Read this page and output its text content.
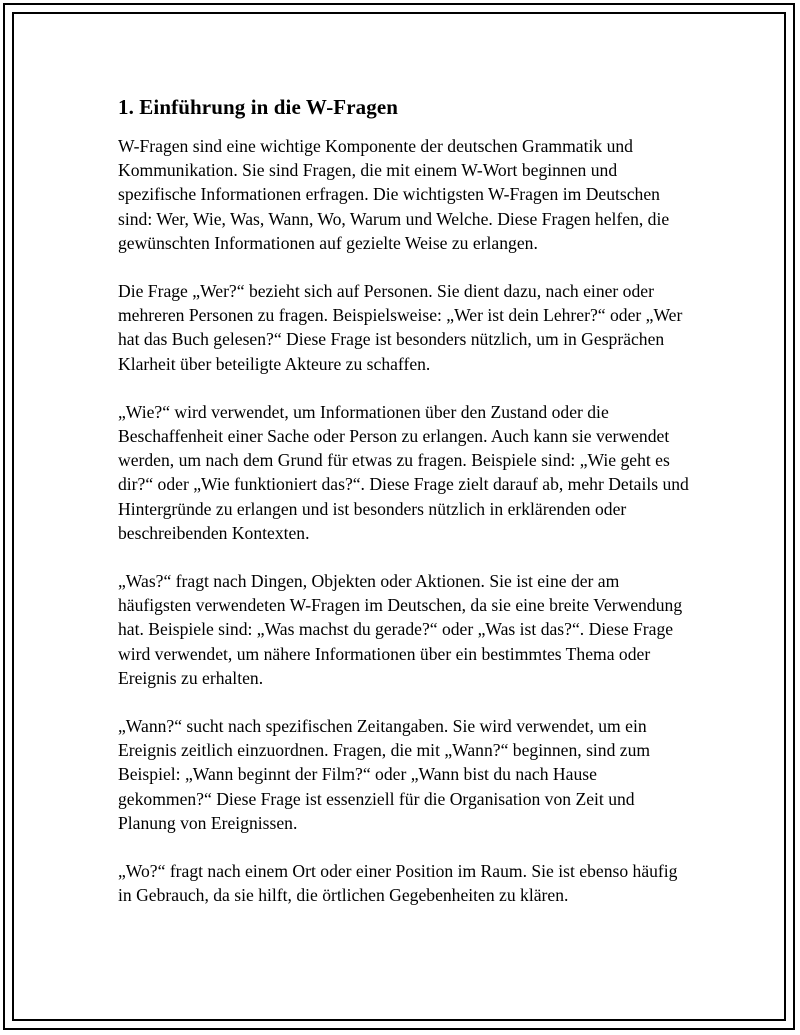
1. Einführung in die W-Fragen

W-Fragen sind eine wichtige Komponente der deutschen Grammatik und Kommunikation. Sie sind Fragen, die mit einem W-Wort beginnen und spezifische Informationen erfragen. Die wichtigsten W-Fragen im Deutschen sind: Wer, Wie, Was, Wann, Wo, Warum und Welche. Diese Fragen helfen, die gewünschten Informationen auf gezielte Weise zu erlangen.

Die Frage „Wer?“ bezieht sich auf Personen. Sie dient dazu, nach einer oder mehreren Personen zu fragen. Beispielsweise: „Wer ist dein Lehrer?“ oder „Wer hat das Buch gelesen?“ Diese Frage ist besonders nützlich, um in Gesprächen Klarheit über beteiligte Akteure zu schaffen.

„Wie?“ wird verwendet, um Informationen über den Zustand oder die Beschaffenheit einer Sache oder Person zu erlangen. Auch kann sie verwendet werden, um nach dem Grund für etwas zu fragen. Beispiele sind: „Wie geht es dir?“ oder „Wie funktioniert das?“. Diese Frage zielt darauf ab, mehr Details und Hintergründe zu erlangen und ist besonders nützlich in erklärenden oder beschreibenden Kontexten.

„Was?“ fragt nach Dingen, Objekten oder Aktionen. Sie ist eine der am häufigsten verwendeten W-Fragen im Deutschen, da sie eine breite Verwendung hat. Beispiele sind: „Was machst du gerade?“ oder „Was ist das?“. Diese Frage wird verwendet, um nähere Informationen über ein bestimmtes Thema oder Ereignis zu erhalten.

„Wann?“ sucht nach spezifischen Zeitangaben. Sie wird verwendet, um ein Ereignis zeitlich einzuordnen. Fragen, die mit „Wann?“ beginnen, sind zum Beispiel: „Wann beginnt der Film?“ oder „Wann bist du nach Hause gekommen?“ Diese Frage ist essenziell für die Organisation von Zeit und Planung von Ereignissen.

„Wo?“ fragt nach einem Ort oder einer Position im Raum. Sie ist ebenso häufig in Gebrauch, da sie hilft, die örtlichen Gegebenheiten zu klären.
